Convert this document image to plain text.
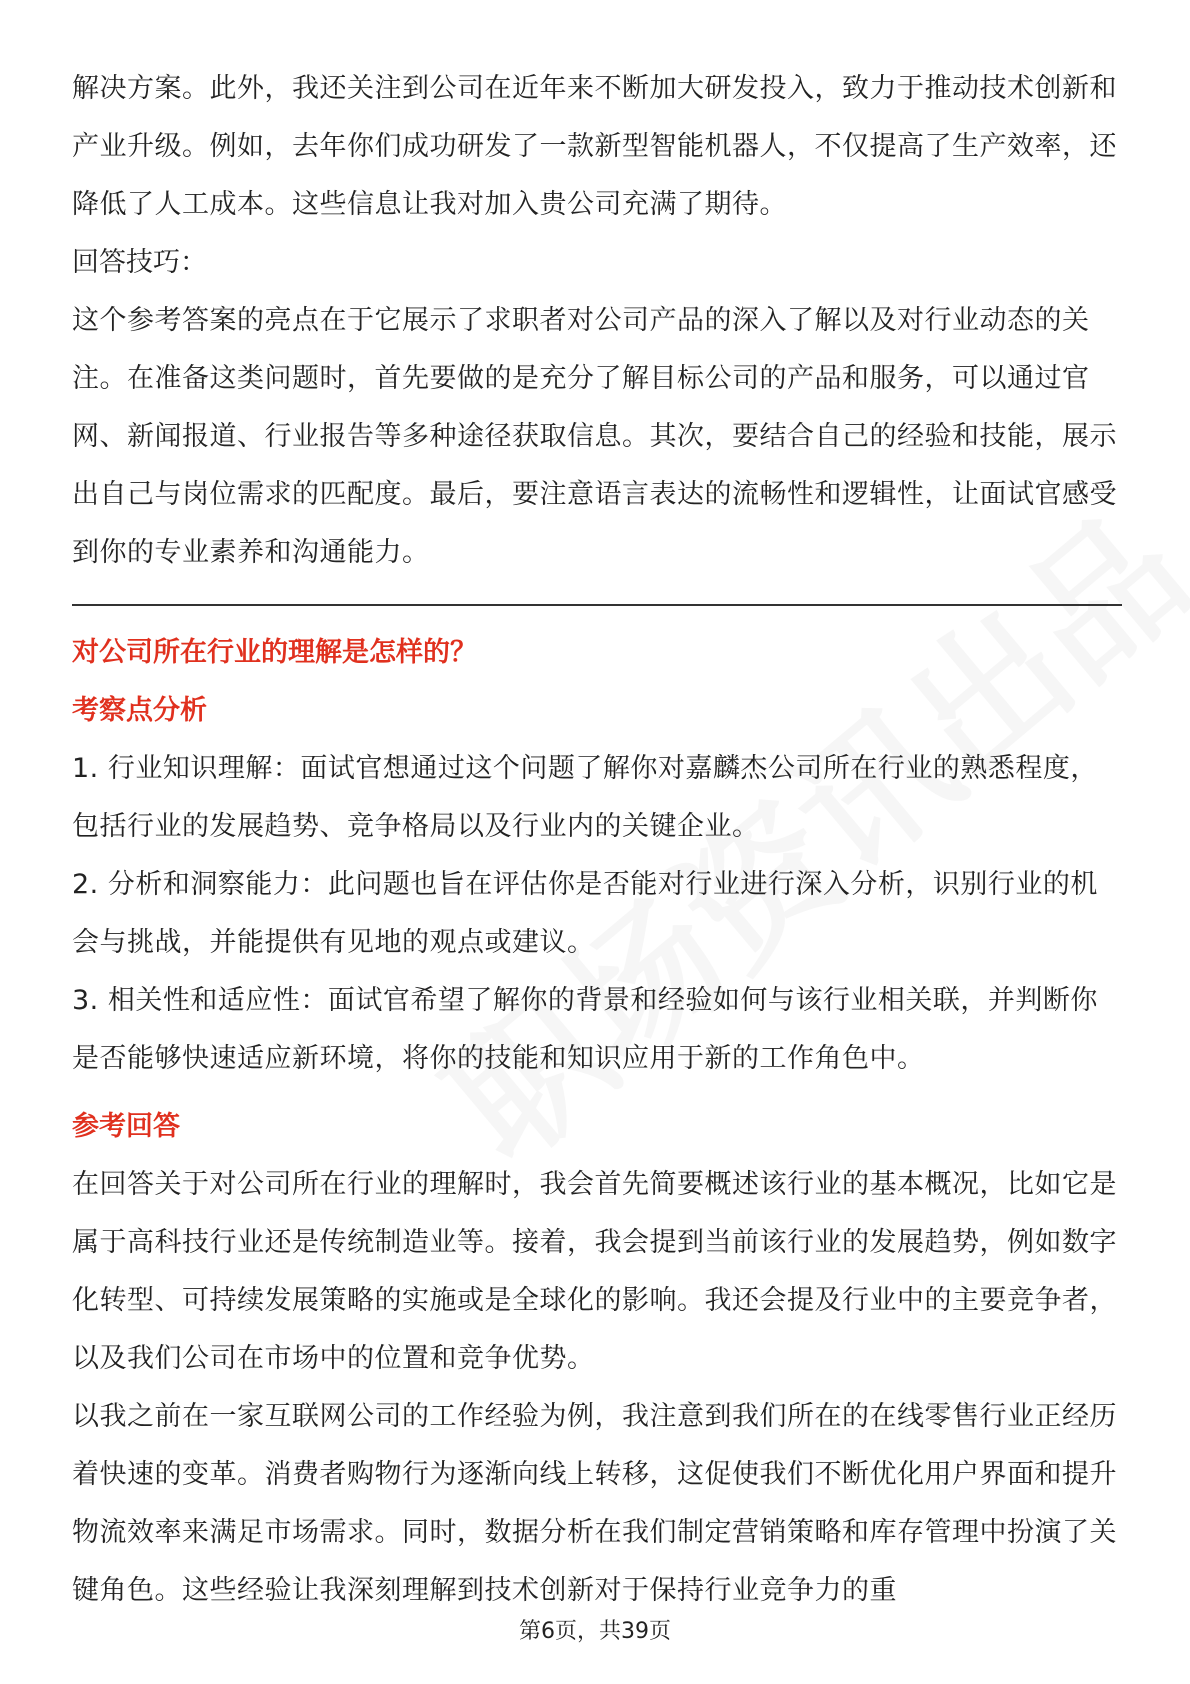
解决方案。此外，我还关注到公司在近年来不断加大研发投入，致力于推动技术创新和产业升级。例如，去年你们成功研发了一款新型智能机器人，不仅提高了生产效率，还降低了人工成本。这些信息让我对加入贵公司充满了期待。

回答技巧：

这个参考答案的亮点在于它展示了求职者对公司产品的深入了解以及对行业动态的关注。在准备这类问题时，首先要做的是充分了解目标公司的产品和服务，可以通过官网、新闻报道、行业报告等多种途径获取信息。其次，要结合自己的经验和技能，展示出自己与岗位需求的匹配度。最后，要注意语言表达的流畅性和逻辑性，让面试官感受到你的专业素养和沟通能力。

对公司所在行业的理解是怎样的？

考察点分析

1. 行业知识理解：面试官想通过这个问题了解你对嘉麟杰公司所在行业的熟悉程度，包括行业的发展趋势、竞争格局以及行业内的关键企业。

2. 分析和洞察能力：此问题也旨在评估你是否能对行业进行深入分析，识别行业的机会与挑战，并能提供有见地的观点或建议。

3. 相关性和适应性：面试官希望了解你的背景和经验如何与该行业相关联，并判断你是否能够快速适应新环境，将你的技能和知识应用于新的工作角色中。

参考回答

在回答关于对公司所在行业的理解时，我会首先简要概述该行业的基本概况，比如它是属于高科技行业还是传统制造业等。接着，我会提到当前该行业的发展趋势，例如数字化转型、可持续发展策略的实施或是全球化的影响。我还会提及行业中的主要竞争者，以及我们公司在市场中的位置和竞争优势。

以我之前在一家互联网公司的工作经验为例，我注意到我们所在的在线零售行业正经历着快速的变革。消费者购物行为逐渐向线上转移，这促使我们不断优化用户界面和提升物流效率来满足市场需求。同时，数据分析在我们制定营销策略和库存管理中扮演了关键角色。这些经验让我深刻理解到技术创新对于保持行业竞争力的重

第6页，共39页
